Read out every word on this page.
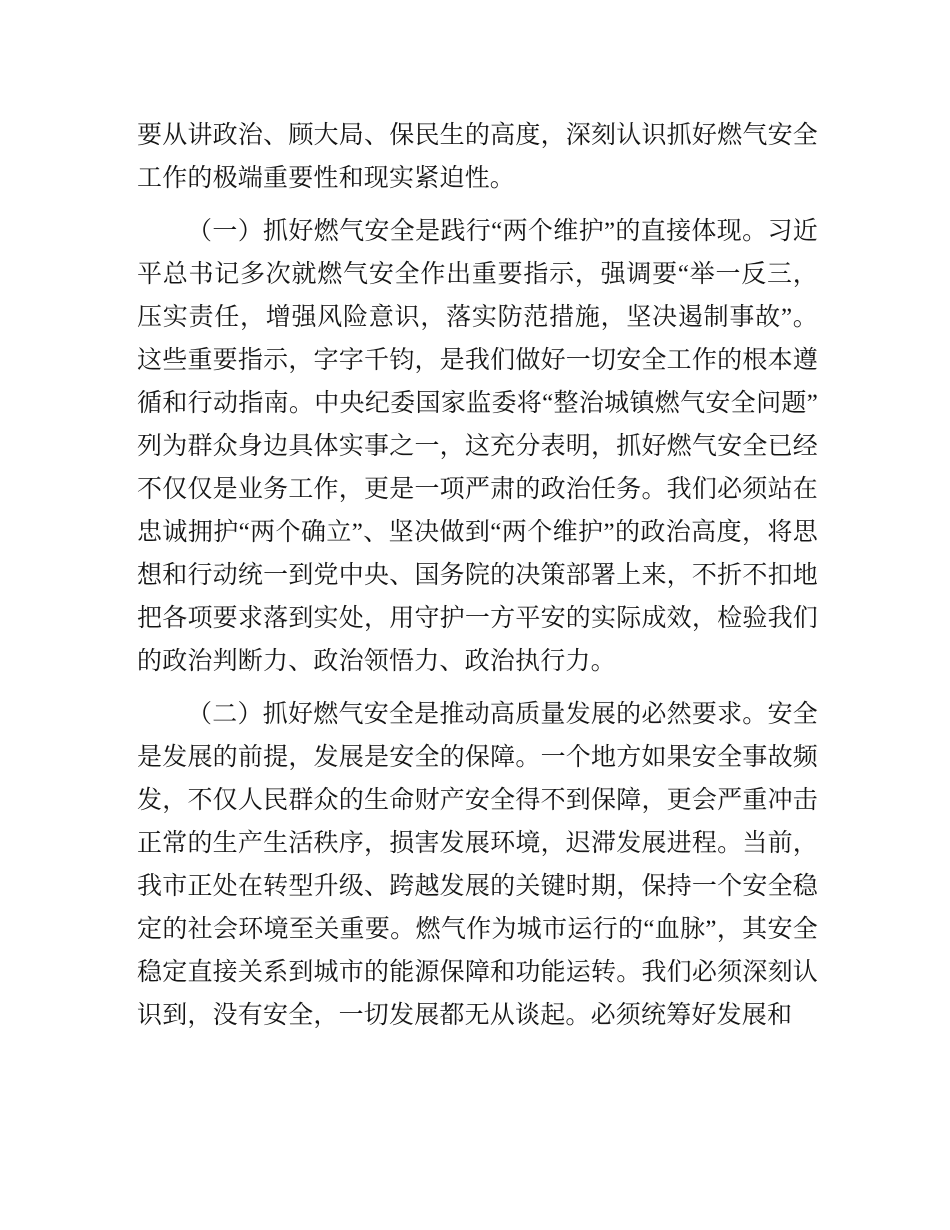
要从讲政治、顾大局、保民生的高度，深刻认识抓好燃气安全工作的极端重要性和现实紧迫性。

（一）抓好燃气安全是践行“两个维护”的直接体现。习近平总书记多次就燃气安全作出重要指示，强调要“举一反三，压实责任，增强风险意识，落实防范措施，坚决遏制事故”。这些重要指示，字字千钧，是我们做好一切安全工作的根本遵循和行动指南。中央纪委国家监委将“整治城镇燃气安全问题”列为群众身边具体实事之一，这充分表明，抓好燃气安全已经不仅仅是业务工作，更是一项严肃的政治任务。我们必须站在忠诚拥护“两个确立”、坚决做到“两个维护”的政治高度，将思想和行动统一到党中央、国务院的决策部署上来，不折不扣地把各项要求落到实处，用守护一方平安的实际成效，检验我们的政治判断力、政治领悟力、政治执行力。

（二）抓好燃气安全是推动高质量发展的必然要求。安全是发展的前提，发展是安全的保障。一个地方如果安全事故频发，不仅人民群众的生命财产安全得不到保障，更会严重冲击正常的生产生活秩序，损害发展环境，迟滞发展进程。当前，我市正处在转型升级、跨越发展的关键时期，保持一个安全稳定的社会环境至关重要。燃气作为城市运行的“血脉”，其安全稳定直接关系到城市的能源保障和功能运转。我们必须深刻认识到，没有安全，一切发展都无从谈起。必须统筹好发展和
